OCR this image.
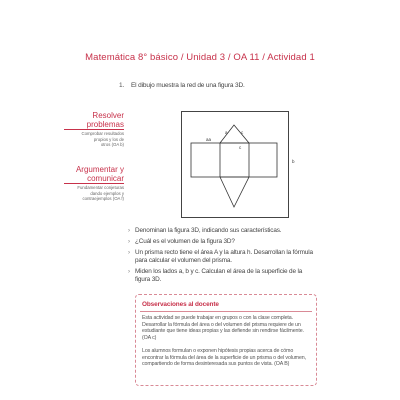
Matemática 8° básico / Unidad 3 / OA 11 / Actividad 1
1. El dibujo muestra la red de una figura 3D.
Resolver
problemas
Comprobar resultados
propios y los de
otros (OA b)
Argumentar y
comunicar
Fundamentar conjeturas
dando ejemplos y
contraejemplos (OA f)
a	c
c
aa
b
› Denominan la figura 3D, indicando sus características.
› ¿Cuál es el volumen de la figura 3D?
› Un prisma recto tiene el área A y la altura h. Desarrollan la fórmula para calcular el volumen del prisma.
› Miden los lados a, b y c. Calculan el área de la superficie de la figura 3D.
Observaciones al docente
Esta actividad se puede trabajar en grupos o con la clase completa. Desarrollar la fórmula del área o del volumen del prisma requiere de un estudiante que tiene ideas propias y las defiende sin rendirse fácilmente. (OA c)
Los alumnos formulan o exponen hipótesis propias acerca de cómo encontrar la fórmula del área de la superficie de un prisma o del volumen, compartiendo de forma desinteresada sus puntos de vista. (OA B)
